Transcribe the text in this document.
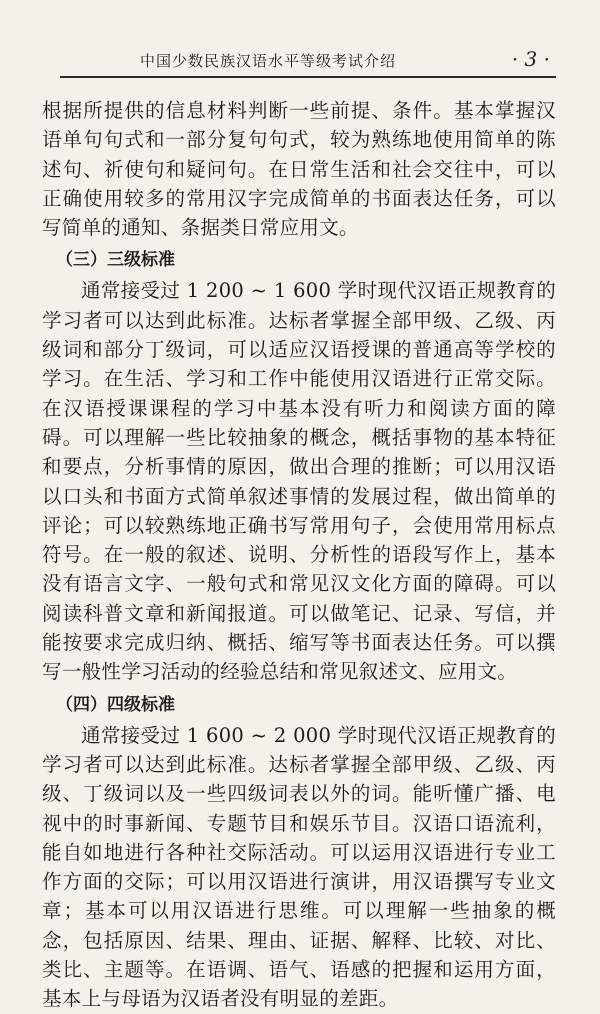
中国少数民族汉语水平等级考试介绍	· 3 ·

根据所提供的信息材料判断一些前提、条件。基本掌握汉语单句句式和一部分复句句式，较为熟练地使用简单的陈述句、祈使句和疑问句。在日常生活和社会交往中，可以正确使用较多的常用汉字完成简单的书面表达任务，可以写简单的通知、条据类日常应用文。

（三）三级标准

通常接受过 1 200 ~ 1 600 学时现代汉语正规教育的学习者可以达到此标准。达标者掌握全部甲级、乙级、丙级词和部分丁级词，可以适应汉语授课的普通高等学校的学习。在生活、学习和工作中能使用汉语进行正常交际。在汉语授课课程的学习中基本没有听力和阅读方面的障碍。可以理解一些比较抽象的概念，概括事物的基本特征和要点，分析事情的原因，做出合理的推断；可以用汉语以口头和书面方式简单叙述事情的发展过程，做出简单的评论；可以较熟练地正确书写常用句子，会使用常用标点符号。在一般的叙述、说明、分析性的语段写作上，基本没有语言文字、一般句式和常见汉文化方面的障碍。可以阅读科普文章和新闻报道。可以做笔记、记录、写信，并能按要求完成归纳、概括、缩写等书面表达任务。可以撰写一般性学习活动的经验总结和常见叙述文、应用文。

（四）四级标准

通常接受过 1 600 ~ 2 000 学时现代汉语正规教育的学习者可以达到此标准。达标者掌握全部甲级、乙级、丙级、丁级词以及一些四级词表以外的词。能听懂广播、电视中的时事新闻、专题节目和娱乐节目。汉语口语流利，能自如地进行各种社交际活动。可以运用汉语进行专业工作方面的交际；可以用汉语进行演讲，用汉语撰写专业文章；基本可以用汉语进行思维。可以理解一些抽象的概念，包括原因、结果、理由、证据、解释、比较、对比、类比、主题等。在语调、语气、语感的把握和运用方面，基本上与母语为汉语者没有明显的差距。
